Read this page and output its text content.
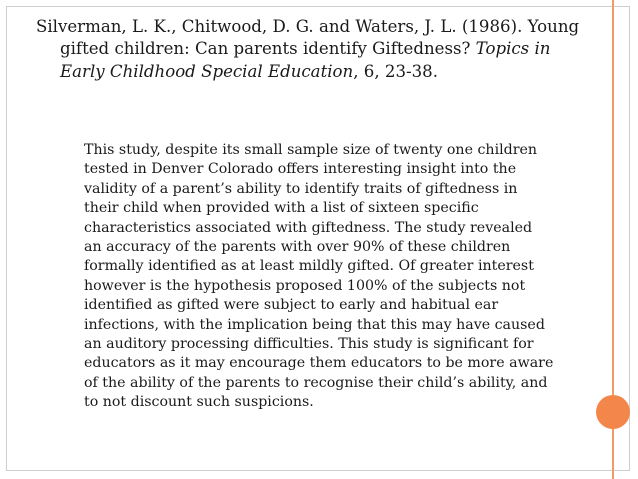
Silverman, L. K., Chitwood, D. G. and Waters, J. L. (1986). Young gifted children: Can parents identify Giftedness? Topics in Early Childhood Special Education, 6, 23-38.
This study, despite its small sample size of twenty one children tested in Denver Colorado offers interesting insight into the validity of a parent’s ability to identify traits of giftedness in their child when provided with a list of sixteen specific characteristics associated with giftedness. The study revealed an accuracy of the parents with over 90% of these children formally identified as at least mildly gifted. Of greater interest however is the hypothesis proposed 100% of the subjects not identified as gifted were subject to early and habitual ear infections, with the implication being that this may have caused an auditory processing difficulties. This study is significant for educators as it may encourage them educators to be more aware of the ability of the parents to recognise their child’s ability, and to not discount such suspicions.
